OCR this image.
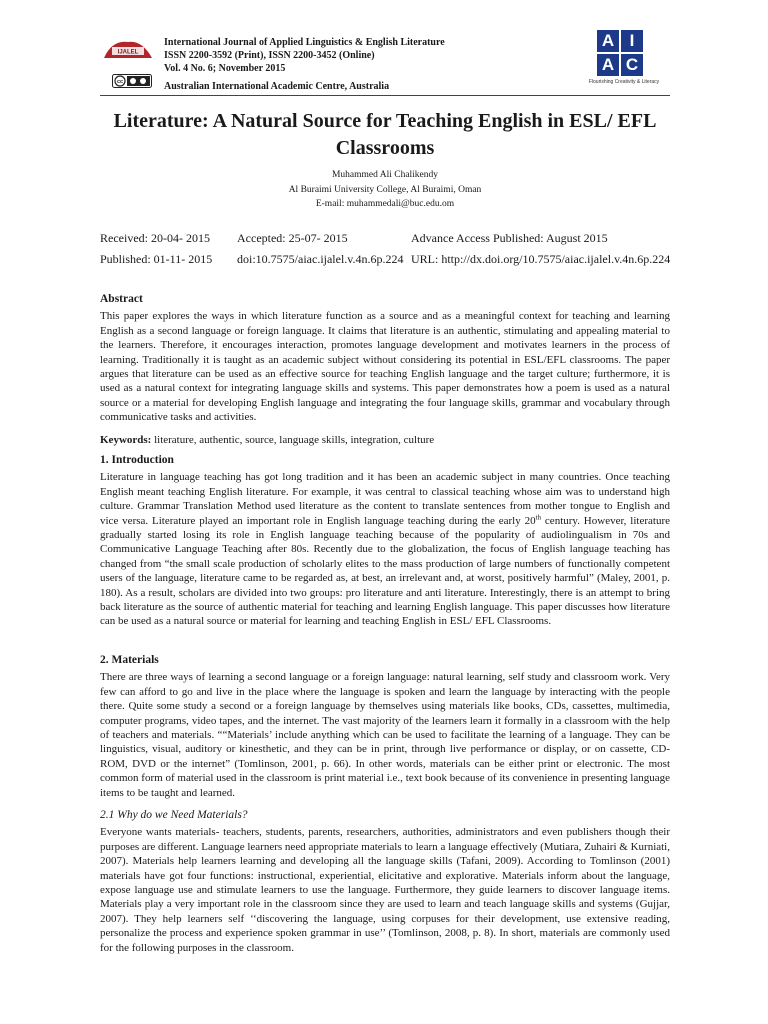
IJALEL
cc
International Journal of Applied Linguistics & English Literature
ISSN 2200-3592 (Print), ISSN 2200-3452 (Online)
Vol. 4 No. 6; November 2015
Australian International Academic Centre, Australia
A I
A C
Flourishing Creativity & Literacy
Literature: A Natural Source for Teaching English in ESL/ EFL Classrooms
Muhammed Ali Chalikendy
Al Buraimi University College, Al Buraimi, Oman
E-mail: muhammedali@buc.edu.om
Received: 20-04- 2015 Accepted: 25-07- 2015	Advance Access Published: August 2015
Published: 01-11- 2015 doi:10.7575/aiac.ijalel.v.4n.6p.224 URL: http://dx.doi.org/10.7575/aiac.ijalel.v.4n.6p.224
Abstract

This paper explores the ways in which literature function as a source and as a meaningful context for teaching and learning English as a second language or foreign language. It claims that literature is an authentic, stimulating and appealing material to the learners. Therefore, it encourages interaction, promotes language development and motivates learners in the process of learning. Traditionally it is taught as an academic subject without considering its potential in ESL/EFL classrooms. The paper argues that literature can be used as an effective source for teaching English language and the target culture; furthermore, it is used as a natural context for integrating language skills and systems. This paper demonstrates how a poem is used as a natural source or a material for developing English language and integrating the four language skills, grammar and vocabulary through communicative tasks and activities.

Keywords: literature, authentic, source, language skills, integration, culture
1. Introduction

Literature in language teaching has got long tradition and it has been an academic subject in many countries. Once teaching English meant teaching English literature. For example, it was central to classical teaching whose aim was to understand high culture. Grammar Translation Method used literature as the content to translate sentences from mother tongue to English and vice versa. Literature played an important role in English language teaching during the early 20th century. However, literature gradually started losing its role in English language teaching because of the popularity of audiolingualism in 70s and Communicative Language Teaching after 80s. Recently due to the globalization, the focus of English language teaching has changed from “the small scale production of scholarly elites to the mass production of large numbers of functionally competent users of the language, literature came to be regarded as, at best, an irrelevant and, at worst, positively harmful” (Maley, 2001, p. 180). As a result, scholars are divided into two groups: pro literature and anti literature. Interestingly, there is an attempt to bring back literature as the source of authentic material for teaching and learning English language. This paper discusses how literature can be used as a natural source or material for learning and teaching English in ESL/ EFL Classrooms.

2. Materials

There are three ways of learning a second language or a foreign language: natural learning, self study and classroom work. Very few can afford to go and live in the place where the language is spoken and learn the language by interacting with the people there. Quite some study a second or a foreign language by themselves using materials like books, CDs, cassettes, multimedia, computer programs, video tapes, and the internet. The vast majority of the learners learn it formally in a classroom with the help of teachers and materials. ““Materials’ include anything which can be used to facilitate the learning of a language. They can be linguistics, visual, auditory or kinesthetic, and they can be in print, through live performance or display, or on cassette, CD-ROM, DVD or the internet” (Tomlinson, 2001, p. 66). In other words, materials can be either print or electronic. The most common form of material used in the classroom is print material i.e., text book because of its convenience in presenting language items to be taught and learned.

2.1 Why do we Need Materials?

Everyone wants materials- teachers, students, parents, researchers, authorities, administrators and even publishers though their purposes are different. Language learners need appropriate materials to learn a language effectively (Mutiara, Zuhairi & Kurniati, 2007). Materials help learners learning and developing all the language skills (Tafani, 2009). According to Tomlinson (2001) materials have got four functions: instructional, experiential, elicitative and explorative. Materials inform about the language, expose language use and stimulate learners to use the language. Furthermore, they guide learners to discover language items. Materials play a very important role in the classroom since they are used to learn and teach language skills and systems (Gujjar, 2007). They help learners self ‘‘discovering the language, using corpuses for their development, use extensive reading, personalize the process and experience spoken grammar in use’’ (Tomlinson, 2008, p. 8). In short, materials are commonly used for the following purposes in the classroom.
